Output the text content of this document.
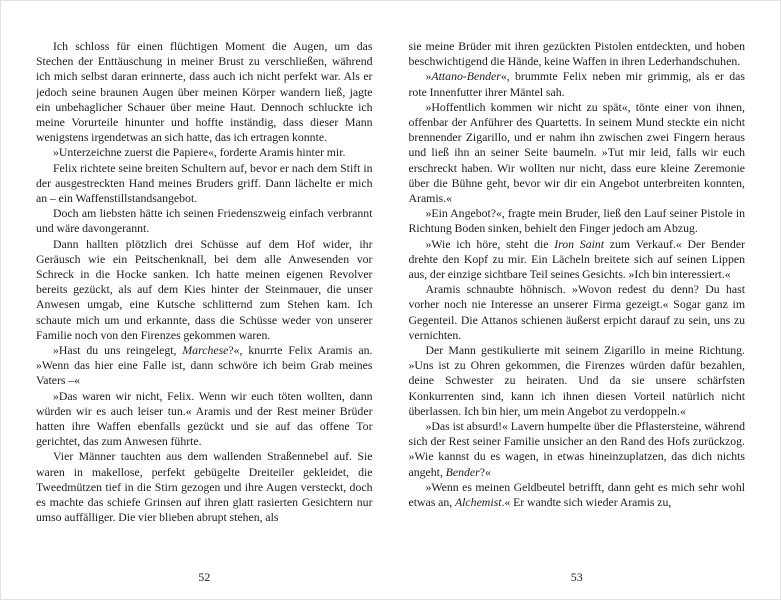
Ich schloss für einen flüchtigen Moment die Augen, um das Stechen der Enttäuschung in meiner Brust zu verschließen, während ich mich selbst daran erinnerte, dass auch ich nicht perfekt war. Als er jedoch seine braunen Augen über meinen Körper wandern ließ, jagte ein unbehaglicher Schauer über meine Haut. Dennoch schluckte ich meine Vorurteile hinunter und hoffte inständig, dass dieser Mann wenigstens irgendetwas an sich hatte, das ich ertragen konnte.

»Unterzeichne zuerst die Papiere«, forderte Aramis hinter mir.

Felix richtete seine breiten Schultern auf, bevor er nach dem Stift in der ausgestreckten Hand meines Bruders griff. Dann lächelte er mich an – ein Waffenstillstandsangebot.

Doch am liebsten hätte ich seinen Friedenszweig einfach verbrannt und wäre davongerannt.

Dann hallten plötzlich drei Schüsse auf dem Hof wider, ihr Geräusch wie ein Peitschenknall, bei dem alle Anwesenden vor Schreck in die Hocke sanken. Ich hatte meinen eigenen Revolver bereits gezückt, als auf dem Kies hinter der Steinmauer, die unser Anwesen umgab, eine Kutsche schlitternd zum Stehen kam. Ich schaute mich um und erkannte, dass die Schüsse weder von unserer Familie noch von den Firenzes gekommen waren.

»Hast du uns reingelegt, Marchese?«, knurrte Felix Aramis an. »Wenn das hier eine Falle ist, dann schwöre ich beim Grab meines Vaters –«

»Das waren wir nicht, Felix. Wenn wir euch töten wollten, dann würden wir es auch leiser tun.« Aramis und der Rest meiner Brüder hatten ihre Waffen ebenfalls gezückt und sie auf das offene Tor gerichtet, das zum Anwesen führte.

Vier Männer tauchten aus dem wallenden Straßennebel auf. Sie waren in makellose, perfekt gebügelte Dreiteiler gekleidet, die Tweedmützen tief in die Stirn gezogen und ihre Augen versteckt, doch es machte das schiefe Grinsen auf ihren glatt rasierten Gesichtern nur umso auffälliger. Die vier blieben abrupt stehen, als

52

sie meine Brüder mit ihren gezückten Pistolen entdeckten, und hoben beschwichtigend die Hände, keine Waffen in ihren Lederhandschuhen.

»Attano-Bender«, brummte Felix neben mir grimmig, als er das rote Innenfutter ihrer Mäntel sah.

»Hoffentlich kommen wir nicht zu spät«, tönte einer von ihnen, offenbar der Anführer des Quartetts. In seinem Mund steckte ein nicht brennender Zigarillo, und er nahm ihn zwischen zwei Fingern heraus und ließ ihn an seiner Seite baumeln. »Tut mir leid, falls wir euch erschreckt haben. Wir wollten nur nicht, dass eure kleine Zeremonie über die Bühne geht, bevor wir dir ein Angebot unterbreiten konnten, Aramis.«

»Ein Angebot?«, fragte mein Bruder, ließ den Lauf seiner Pistole in Richtung Boden sinken, behielt den Finger jedoch am Abzug.

»Wie ich höre, steht die Iron Saint zum Verkauf.« Der Bender drehte den Kopf zu mir. Ein Lächeln breitete sich auf seinen Lippen aus, der einzige sichtbare Teil seines Gesichts. »Ich bin interessiert.«

Aramis schnaubte höhnisch. »Wovon redest du denn? Du hast vorher noch nie Interesse an unserer Firma gezeigt.« Sogar ganz im Gegenteil. Die Attanos schienen äußerst erpicht darauf zu sein, uns zu vernichten.

Der Mann gestikulierte mit seinem Zigarillo in meine Richtung. »Uns ist zu Ohren gekommen, die Firenzes würden dafür bezahlen, deine Schwester zu heiraten. Und da sie unsere schärfsten Konkurrenten sind, kann ich ihnen diesen Vorteil natürlich nicht überlassen. Ich bin hier, um mein Angebot zu verdoppeln.«

»Das ist absurd!« Lavern humpelte über die Pflastersteine, während sich der Rest seiner Familie unsicher an den Rand des Hofs zurückzog. »Wie kannst du es wagen, in etwas hineinzuplatzen, das dich nichts angeht, Bender?«

»Wenn es meinen Geldbeutel betrifft, dann geht es mich sehr wohl etwas an, Alchemist.« Er wandte sich wieder Aramis zu,

53
